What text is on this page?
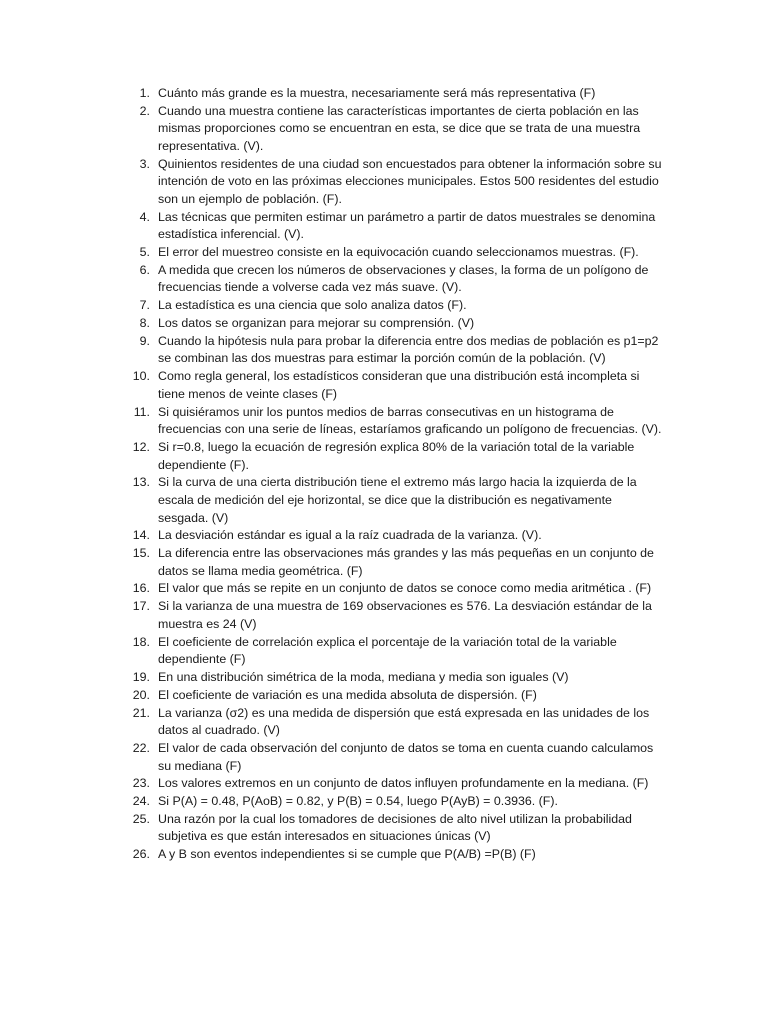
1. Cuánto más grande es la muestra, necesariamente será más representativa (F)
2. Cuando una muestra contiene las características importantes de cierta población en las mismas proporciones como se encuentran en esta, se dice que se trata de una muestra representativa. (V).
3. Quinientos residentes de una ciudad son encuestados para obtener la información sobre su intención de voto en las próximas elecciones municipales. Estos 500 residentes del estudio son un ejemplo de población. (F).
4. Las técnicas que permiten estimar un parámetro a partir de datos muestrales se denomina estadística inferencial. (V).
5. El error del muestreo consiste en la equivocación cuando seleccionamos muestras. (F).
6. A medida que crecen los números de observaciones y clases, la forma de un polígono de frecuencias tiende a volverse cada vez más suave. (V).
7. La estadística es una ciencia que solo analiza datos (F).
8. Los datos se organizan para mejorar su comprensión. (V)
9. Cuando la hipótesis nula para probar la diferencia entre dos medias de población es p1=p2 se combinan las dos muestras para estimar la porción común de la población. (V)
10. Como regla general, los estadísticos consideran que una distribución está incompleta si tiene menos de veinte clases (F)
11. Si quisiéramos unir los puntos medios de barras consecutivas en un histograma de frecuencias con una serie de líneas, estaríamos graficando un polígono de frecuencias. (V).
12. Si r=0.8, luego la ecuación de regresión explica 80% de la variación total de la variable dependiente (F).
13. Si la curva de una cierta distribución tiene el extremo más largo hacia la izquierda de la escala de medición del eje horizontal, se dice que la distribución es negativamente sesgada. (V)
14. La desviación estándar es igual a la raíz cuadrada de la varianza. (V).
15. La diferencia entre las observaciones más grandes y las más pequeñas en un conjunto de datos se llama media geométrica. (F)
16. El valor que más se repite en un conjunto de datos se conoce como media aritmética . (F)
17. Si la varianza de una muestra de 169 observaciones es 576. La desviación estándar de la muestra es 24 (V)
18. El coeficiente de correlación explica el porcentaje de la variación total de la variable dependiente (F)
19. En una distribución simétrica de la moda, mediana y media son iguales (V)
20. El coeficiente de variación es una medida absoluta de dispersión. (F)
21. La varianza (σ2) es una medida de dispersión que está expresada en las unidades de los datos al cuadrado. (V)
22. El valor de cada observación del conjunto de datos se toma en cuenta cuando calculamos su mediana (F)
23. Los valores extremos en un conjunto de datos influyen profundamente en la mediana. (F)
24. Si P(A) = 0.48, P(AoB) = 0.82, y P(B) = 0.54, luego P(AyB) = 0.3936. (F).
25. Una razón por la cual los tomadores de decisiones de alto nivel utilizan la probabilidad subjetiva es que están interesados en situaciones únicas (V)
26. A y B son eventos independientes si se cumple que P(A/B) =P(B) (F)
